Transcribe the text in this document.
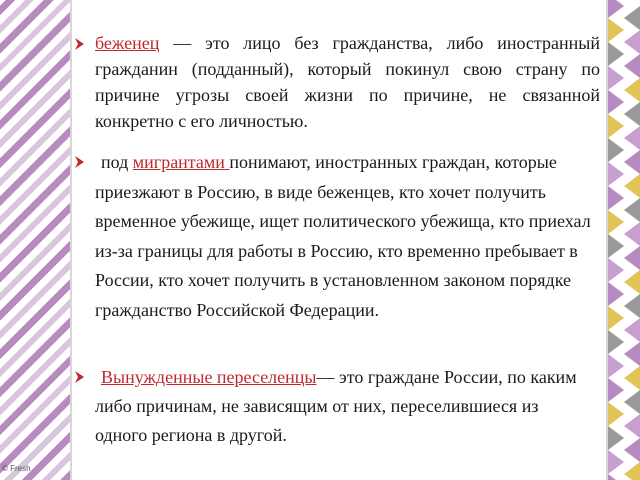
беженец — это лицо без гражданства, либо иностранный гражданин (подданный), который покинул свою страну по причине угрозы своей жизни по причине, не связанной конкретно с его личностью.
под мигрантами понимают, иностранных граждан, которые приезжают в Россию, в виде беженцев, кто хочет получить временное убежище, ищет политического убежища, кто приехал из-за границы для работы в Россию, кто временно пребывает в России, кто хочет получить в установленном законом порядке гражданство Российской Федерации.
Вынужденные переселенцы— это граждане России, по каким либо причинам, не зависящим от них, переселившиеся из одного региона в другой.
© Fresh
